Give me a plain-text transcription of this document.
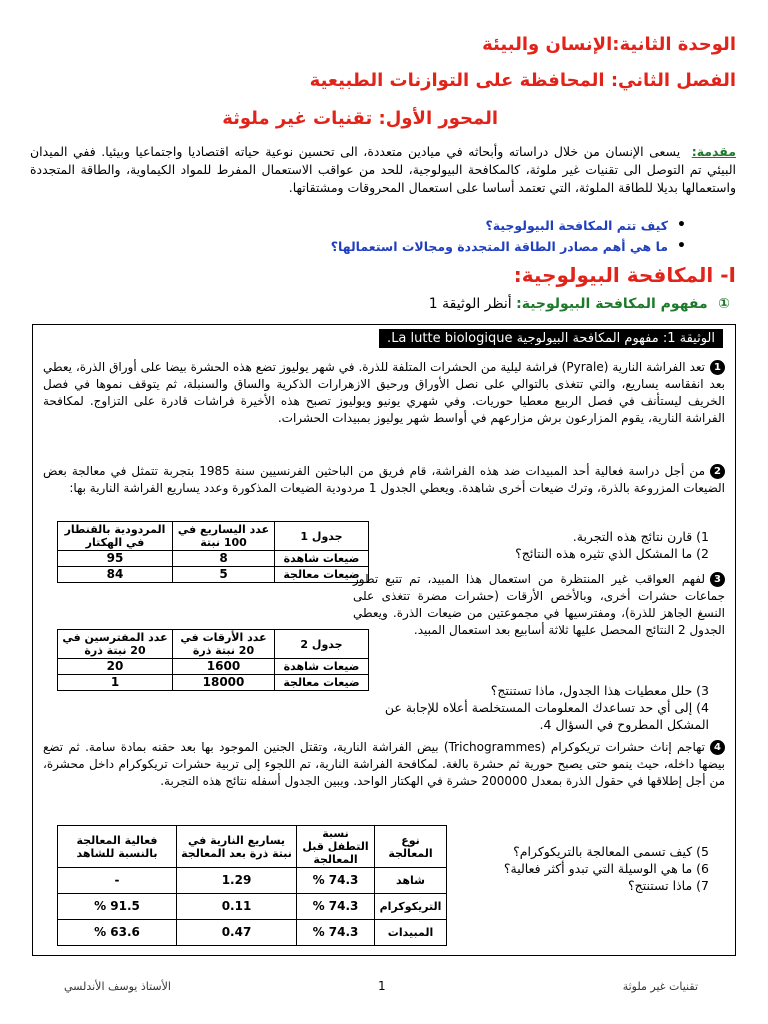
الوحدة الثانية:الإنسان والبيئة
الفصل الثاني: المحافظة على التوازنات الطبيعية
المحور الأول: تقنيات غير ملوثة
مقدمة: يسعى الإنسان من خلال دراساته وأبحاثه في ميادين متعددة، الى تحسين نوعية حياته اقتصاديا واجتماعيا وبيئيا. ففي الميدان البيئي تم التوصل الى تقنيات غير ملوثة، كالمكافحة البيولوجية، للحد من عواقب الاستعمال المفرط للمواد الكيماوية، والطاقة المتجددة واستعمالها بديلا للطاقة الملوثة، التي تعتمد أساسا على استعمال المحروقات ومشتقاتها.
• كيف تتم المكافحة البيولوجية؟
• ما هي أهم مصادر الطاقة المتجددة ومجالات استعمالها؟
I- المكافحة البيولوجية:
① مفهوم المكافحة البيولوجية: أنظر الوثيقة 1
الوثيقة 1: مفهوم المكافحة البيولوجية La lutte biologique.
1تعد الفراشة النارية (Pyrale) فراشة ليلية من الحشرات المتلفة للذرة. في شهر يوليوز تضع هذه الحشرة بيضا على أوراق الذرة، يعطي بعد انفقاسه يساريع، والتي تتغذى بالتوالي على نصل الأوراق ورحيق الازهرارات الذكرية والساق والسنبلة، ثم يتوقف نموها في فصل الخريف ليستأنف في فصل الربيع معطيا حوريات. وفي شهري يونيو ويوليوز تصبح هذه الأخيرة فراشات قادرة على التزاوج. لمكافحة الفراشة النارية، يقوم المزارعون برش مزارعهم في أواسط شهر يوليوز بمبيدات الحشرات.
2من أجل دراسة فعالية أحد المبيدات ضد هذه الفراشة، قام فريق من الباحثين الفرنسيين سنة 1985 بتجربة تتمثل في معالجة بعض الضيعات المزروعة بالذرة، وترك ضيعات أخرى شاهدة. ويعطي الجدول 1 مردودية الضيعات المذكورة وعدد يساريع الفراشة النارية بها:
1) قارن نتائج هذه التجربة.
2) ما المشكل الذي تثيره هذه النتائج؟
3لفهم العواقب غير المنتظرة من استعمال هذا المبيد، تم تتبع تطور جماعات حشرات أخرى، وبالأخص الأرقات (حشرات مضرة تتغذى على النسغ الجاهز للذرة)، ومفترسيها في مجموعتين من ضيعات الذرة. ويعطي الجدول 2 النتائج المحصل عليها ثلاثة أسابيع بعد استعمال المبيد.
3) حلل معطيات هذا الجدول، ماذا تستنتج؟
4) إلى أي حد تساعدك المعلومات المستخلصة أعلاه للإجابة عن المشكل المطروح في السؤال 4.
4تهاجم إناث حشرات تريكوكرام (Trichogrammes) بيض الفراشة النارية، وتقتل الجنين الموجود بها بعد حقنه بمادة سامة. ثم تضع بيضها داخله، حيث ينمو حتى يصبح حورية ثم حشرة بالغة. لمكافحة الفراشة النارية، تم اللجوء إلى تربية حشرات تريكوكرام داخل محشرة، من أجل إطلاقها في حقول الذرة بمعدل 200000 حشرة في الهكتار الواحد. ويبين الجدول أسفله نتائج هذه التجربة.
5) كيف تسمى المعالجة بالتريكوكرام؟
6) ما هي الوسيلة التي تبدو أكثر فعالية؟
7) ماذا تستنتج؟
جدول 1	عدد اليساريع في 100 نبتة	المردودية بالقنطار في الهكتار
ضيعات شاهدة	8	95
ضيعات معالجة	5	84
جدول 2	عدد الأرقات في 20 نبتة ذرة	عدد المفترسين في 20 نبتة ذرة
ضيعات شاهدة	1600	20
ضيعات معالجة	18000	1
نوع المعالجة	نسبة التطفل قبل المعالجة	يساريع النارية في نبتة ذرة بعد المعالجة	فعالية المعالجة بالنسبة للشاهد
شاهد	74.3 %	1.29	-
التريكوكرام	74.3 %	0.11	91.5 %
المبيدات	74.3 %	0.47	63.6 %
الأستاذ يوسف الأندلسي	1	تقنيات غير ملوثة
